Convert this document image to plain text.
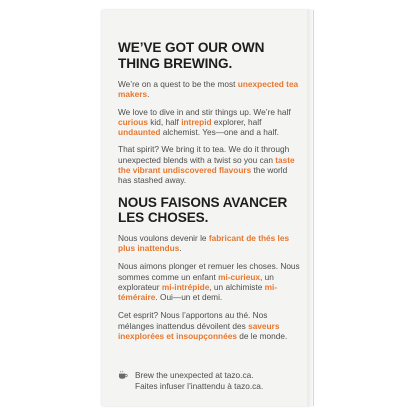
WE’VE GOT OUR OWN
THING BREWING.

We’re on a quest to be the most unexpected tea makers.

We love to dive in and stir things up. We’re half curious kid, half intrepid explorer, half undaunted alchemist. Yes—one and a half.

That spirit? We bring it to tea. We do it through unexpected blends with a twist so you can taste the vibrant undiscovered flavours the world has stashed away.

NOUS FAISONS AVANCER
LES CHOSES.

Nous voulons devenir le fabricant de thés les plus inattendus.

Nous aimons plonger et remuer les choses. Nous sommes comme un enfant mi-curieux, un explorateur mi-intrépide, un alchimiste mi-téméraire. Oui—un et demi.

Cet esprit? Nous l’apportons au thé. Nos mélanges inattendus dévoilent des saveurs inexplorées et insoupçonnées de le monde.

Brew the unexpected at tazo.ca.
Faites infuser l’inattendu à tazo.ca.
